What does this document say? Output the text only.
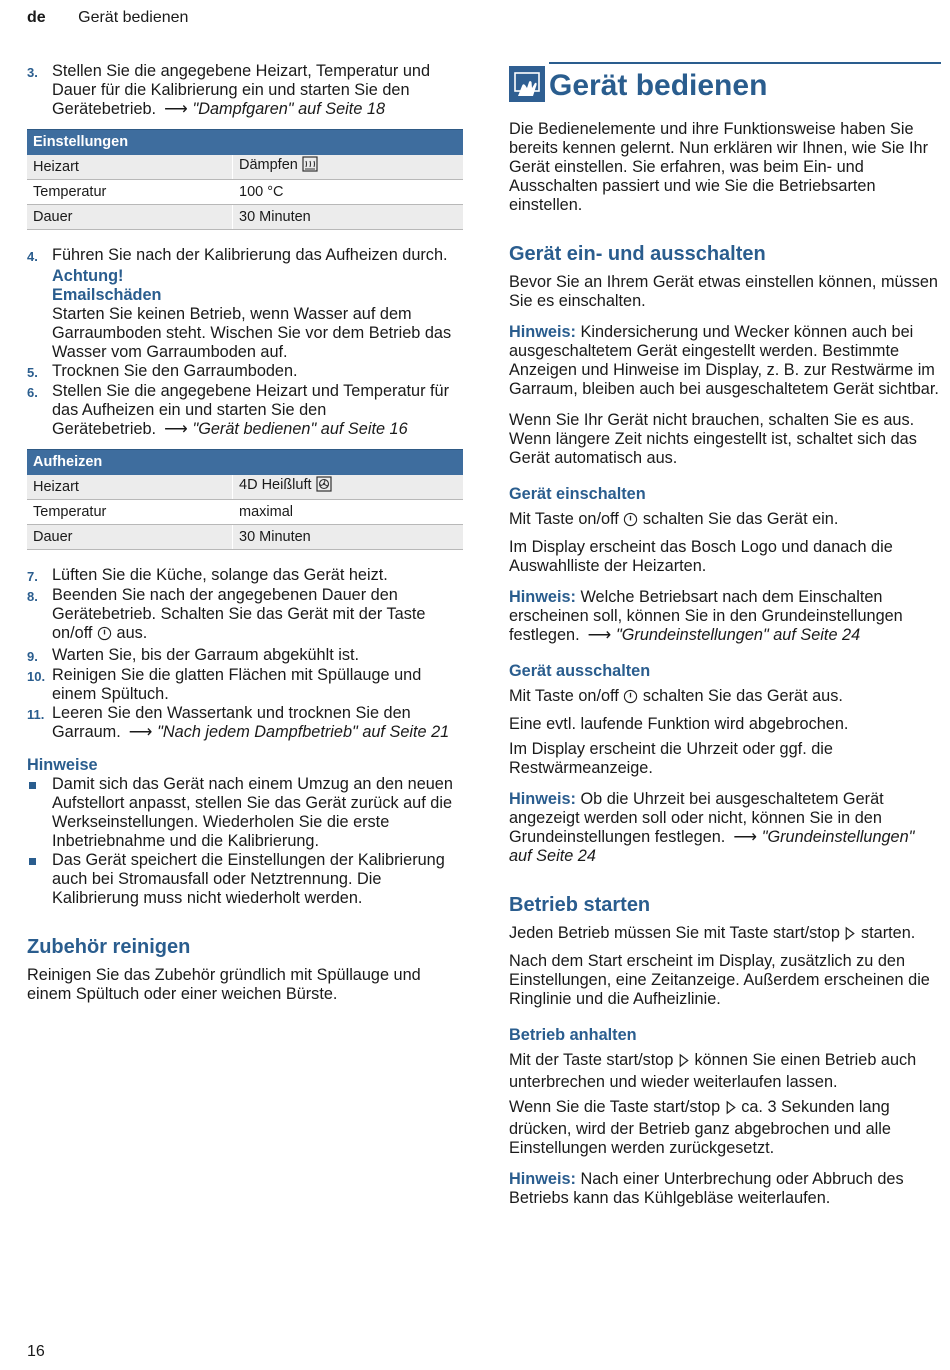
de Gerät bedienen
3. Stellen Sie die angegebene Heizart, Temperatur und Dauer für die Kalibrierung ein und starten Sie den Gerätebetrieb. ⟶ "Dampfgaren" auf Seite 18
Einstellungen	
Heizart	Dämpfen
Temperatur	100 °C
Dauer	30 Minuten
4. Führen Sie nach der Kalibrierung das Aufheizen durch.
Achtung!
Emailschäden
Starten Sie keinen Betrieb, wenn Wasser auf dem Garraumboden steht. Wischen Sie vor dem Betrieb das Wasser vom Garraumboden auf.
5. Trocknen Sie den Garraumboden.
6. Stellen Sie die angegebene Heizart und Temperatur für das Aufheizen ein und starten Sie den Gerätebetrieb. ⟶ "Gerät bedienen" auf Seite 16
Aufheizen	
Heizart	4D Heißluft
Temperatur	maximal
Dauer	30 Minuten
7. Lüften Sie die Küche, solange das Gerät heizt.
8. Beenden Sie nach der angegebenen Dauer den Gerätebetrieb. Schalten Sie das Gerät mit der Taste on/off aus.
9. Warten Sie, bis der Garraum abgekühlt ist.
10. Reinigen Sie die glatten Flächen mit Spüllauge und einem Spültuch.
11. Leeren Sie den Wassertank und trocknen Sie den Garraum. ⟶ "Nach jedem Dampfbetrieb" auf Seite 21
Hinweise
Damit sich das Gerät nach einem Umzug an den neuen Aufstellort anpasst, stellen Sie das Gerät zurück auf die Werkseinstellungen. Wiederholen Sie die erste Inbetriebnahme und die Kalibrierung.
Das Gerät speichert die Einstellungen der Kalibrierung auch bei Stromausfall oder Netztrennung. Die Kalibrierung muss nicht wiederholt werden.
Zubehör reinigen

Reinigen Sie das Zubehör gründlich mit Spüllauge und einem Spültuch oder einer weichen Bürste.

Gerät bedienen

Die Bedienelemente und ihre Funktionsweise haben Sie bereits kennen gelernt. Nun erklären wir Ihnen, wie Sie Ihr Gerät einstellen. Sie erfahren, was beim Ein- und Ausschalten passiert und wie Sie die Betriebsarten einstellen.

Gerät ein- und ausschalten

Bevor Sie an Ihrem Gerät etwas einstellen können, müssen Sie es einschalten.

Hinweis: Kindersicherung und Wecker können auch bei ausgeschaltetem Gerät eingestellt werden. Bestimmte Anzeigen und Hinweise im Display, z. B. zur Restwärme im Garraum, bleiben auch bei ausgeschaltetem Gerät sichtbar.

Wenn Sie Ihr Gerät nicht brauchen, schalten Sie es aus. Wenn längere Zeit nichts eingestellt ist, schaltet sich das Gerät automatisch aus.

Gerät einschalten

Mit Taste on/off schalten Sie das Gerät ein.

Im Display erscheint das Bosch Logo und danach die Auswahlliste der Heizarten.

Hinweis: Welche Betriebsart nach dem Einschalten erscheinen soll, können Sie in den Grundeinstellungen festlegen. ⟶ "Grundeinstellungen" auf Seite 24

Gerät ausschalten

Mit Taste on/off schalten Sie das Gerät aus.

Eine evtl. laufende Funktion wird abgebrochen.

Im Display erscheint die Uhrzeit oder ggf. die Restwärmeanzeige.

Hinweis: Ob die Uhrzeit bei ausgeschaltetem Gerät angezeigt werden soll oder nicht, können Sie in den Grundeinstellungen festlegen. ⟶ "Grundeinstellungen" auf Seite 24

Betrieb starten

Jeden Betrieb müssen Sie mit Taste start/stop starten.

Nach dem Start erscheint im Display, zusätzlich zu den Einstellungen, eine Zeitanzeige. Außerdem erscheinen die Ringlinie und die Aufheizlinie.

Betrieb anhalten

Mit der Taste start/stop können Sie einen Betrieb auch unterbrechen und wieder weiterlaufen lassen.

Wenn Sie die Taste start/stop ca. 3 Sekunden lang drücken, wird der Betrieb ganz abgebrochen und alle Einstellungen werden zurückgesetzt.

Hinweis: Nach einer Unterbrechung oder Abbruch des Betriebs kann das Kühlgebläse weiterlaufen.

16
